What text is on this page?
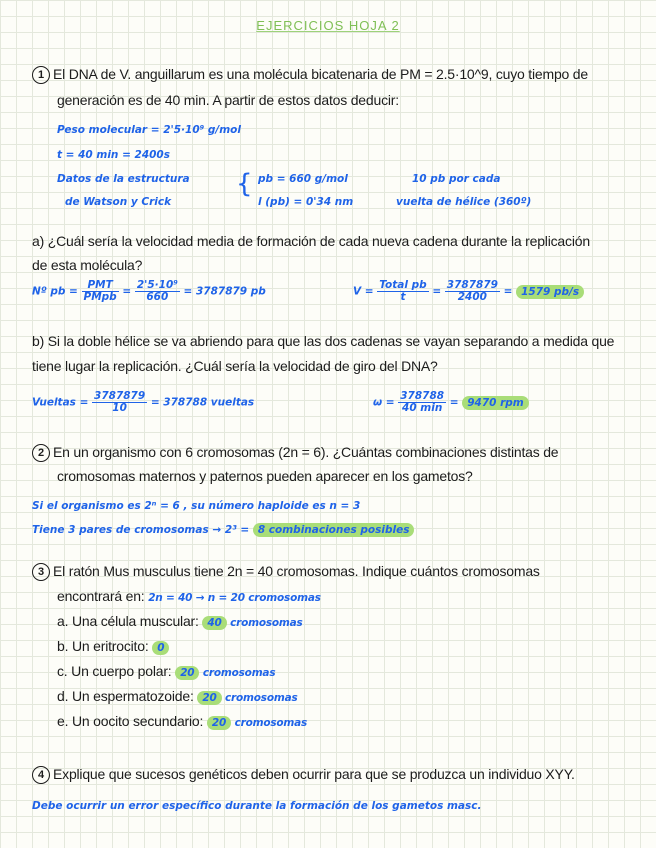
EJERCICIOS HOJA 2
1 El DNA de V. anguillarum es una molécula bicatenaria de PM = 2.5·10^9, cuyo tiempo de
generación es de 40 min. A partir de estos datos deducir:
Peso molecular = 2'5·10⁹ g/mol
t = 40 min = 2400s
Datos de la estructura
de Watson y Crick
{ pb = 660 g/mol
l (pb) = 0'34 nm
10 pb por cada
vuelta de hélice (360º)
a) ¿Cuál sería la velocidad media de formación de cada nueva cadena durante la replicación
de esta molécula?
Nº pb = $\frac{\text{PMT}}{\text{PMpb}} = \frac{\text{2'5·10⁹}}{660} = 3787879$ pb	$V = \frac{\text{Total pb}}{t} = \frac{3787879}{2400} = 1579$ pb/s
b) Si la doble hélice se va abriendo para que las dos cadenas se vayan separando a medida que
tiene lugar la replicación. ¿Cuál sería la velocidad de giro del DNA?
Vueltas = $\frac{3787879}{10} = 378788$ vueltas	$\omega = \frac{378788}{40 \min} = 9470$ rpm
2 En un organismo con 6 cromosomas (2n = 6). ¿Cuántas combinaciones distintas de
cromosomas maternos y paternos pueden aparecer en los gametos?
Si el organismo es 2ⁿ = 6 , su número haploide es n = 3
Tiene 3 pares de cromosomas → 2³ = 8 combinaciones posibles
3 El ratón Mus musculus tiene 2n = 40 cromosomas. Indique cuántos cromosomas
encontrará en: 2n = 40 → n = 20 cromosomas
a. Una célula muscular: 40 cromosomas
b. Un eritrocito: 0
c. Un cuerpo polar: 20 cromosomas
d. Un espermatozoide: 20 cromosomas
e. Un oocito secundario: 20 cromosomas
4 Explique que sucesos genéticos deben ocurrir para que se produzca un individuo XYY.
Debe ocurrir un error específico durante la formación de los gametos masc.
